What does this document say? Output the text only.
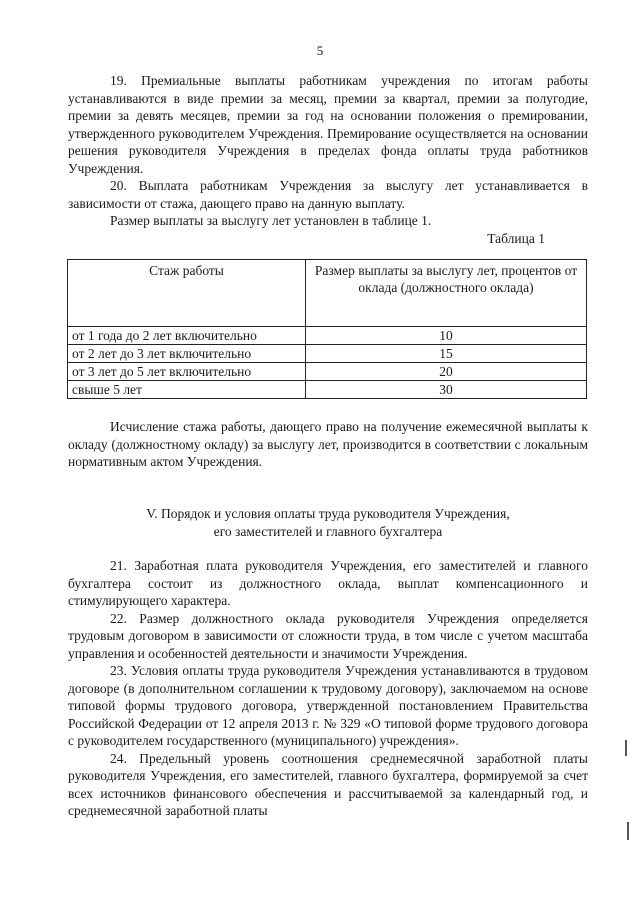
5

19. Премиальные выплаты работникам учреждения по итогам работы устанавливаются в виде премии за месяц, премии за квартал, премии за полугодие, премии за девять месяцев, премии за год на основании положения о премировании, утвержденного руководителем Учреждения. Премирование осуществляется на основании решения руководителя Учреждения в пределах фонда оплаты труда работников Учреждения.

20. Выплата работникам Учреждения за выслугу лет устанавливается в зависимости от стажа, дающего право на данную выплату.

Размер выплаты за выслугу лет установлен в таблице 1.

Таблица 1
Стаж работы	Размер выплаты за выслугу лет, процентов от оклада (должностного оклада)
от 1 года до 2 лет включительно	10
от 2 лет до 3 лет включительно	15
от 3 лет до 5 лет включительно	20
свыше 5 лет	30

Исчисление стажа работы, дающего право на получение ежемесячной выплаты к окладу (должностному окладу) за выслугу лет, производится в соответствии с локальным нормативным актом Учреждения.

V. Порядок и условия оплаты труда руководителя Учреждения,
его заместителей и главного бухгалтера

21. Заработная плата руководителя Учреждения, его заместителей и главного бухгалтера состоит из должностного оклада, выплат компенсационного и стимулирующего характера.

22. Размер должностного оклада руководителя Учреждения определяется трудовым договором в зависимости от сложности труда, в том числе с учетом масштаба управления и особенностей деятельности и значимости Учреждения.

23. Условия оплаты труда руководителя Учреждения устанавливаются в трудовом договоре (в дополнительном соглашении к трудовому договору), заключаемом на основе типовой формы трудового договора, утвержденной постановлением Правительства Российской Федерации от 12 апреля 2013 г. № 329 «О типовой форме трудового договора с руководителем государственного (муниципального) учреждения».

24. Предельный уровень соотношения среднемесячной заработной платы руководителя Учреждения, его заместителей, главного бухгалтера, формируемой за счет всех источников финансового обеспечения и рассчитываемой за календарный год, и среднемесячной заработной платы
